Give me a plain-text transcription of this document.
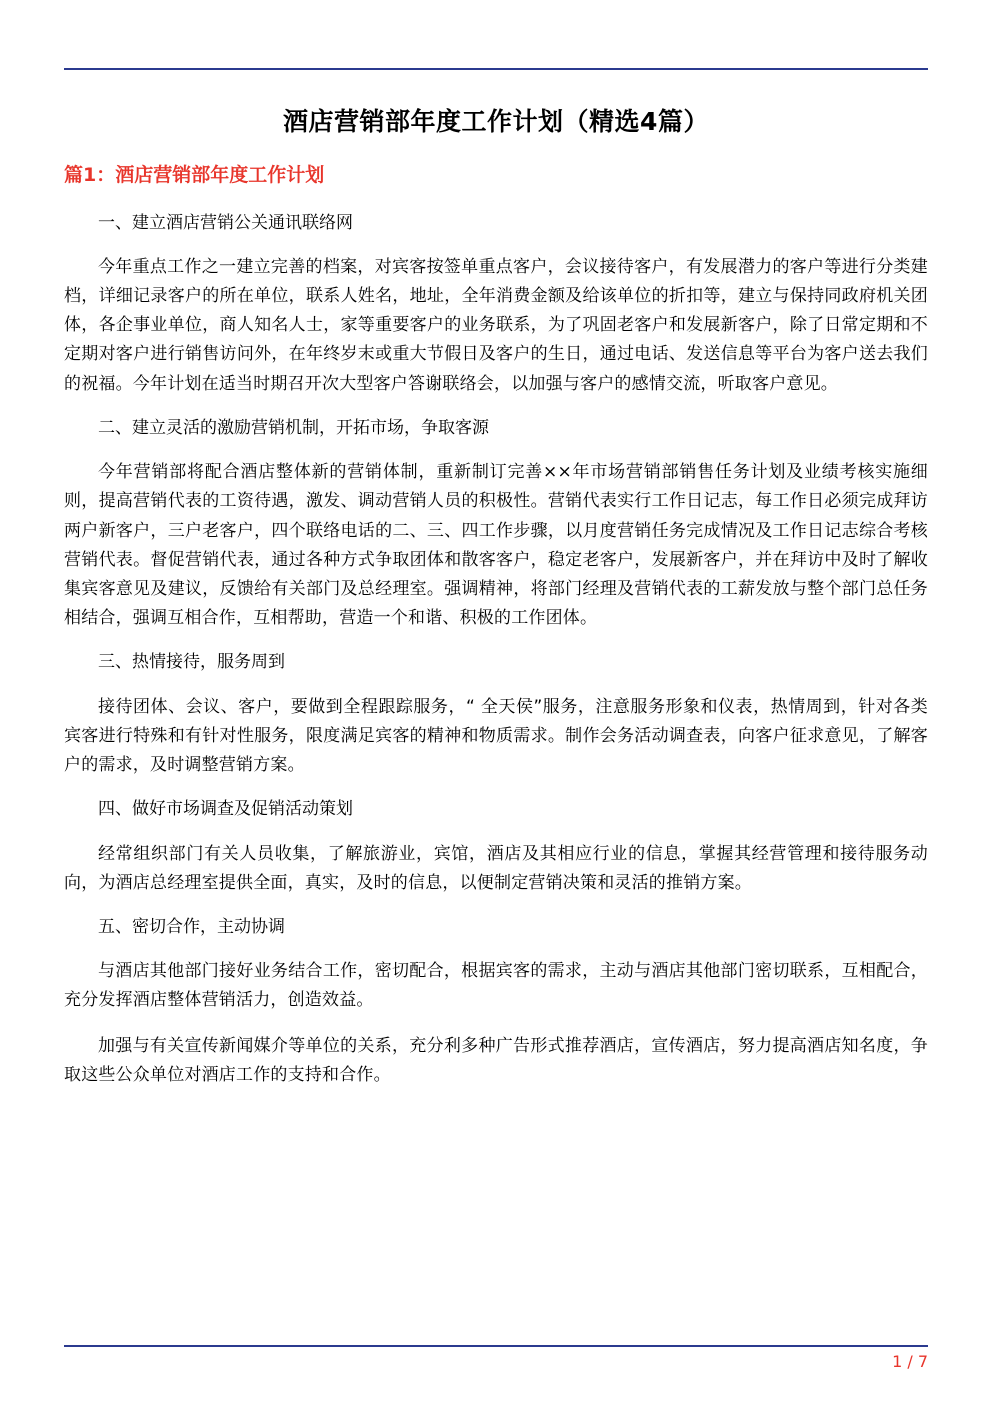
酒店营销部年度工作计划（精选4篇）
篇1：酒店营销部年度工作计划
一、建立酒店营销公关通讯联络网

今年重点工作之一建立完善的档案，对宾客按签单重点客户，会议接待客户，有发展潜力的客户等进行分类建档，详细记录客户的所在单位，联系人姓名，地址，全年消费金额及给该单位的折扣等，建立与保持同政府机关团体，各企事业单位，商人知名人士，家等重要客户的业务联系，为了巩固老客户和发展新客户，除了日常定期和不定期对客户进行销售访问外，在年终岁末或重大节假日及客户的生日，通过电话、发送信息等平台为客户送去我们的祝福。今年计划在适当时期召开次大型客户答谢联络会，以加强与客户的感情交流，听取客户意见。

二、建立灵活的激励营销机制，开拓市场，争取客源

今年营销部将配合酒店整体新的营销体制，重新制订完善××年市场营销部销售任务计划及业绩考核实施细则，提高营销代表的工资待遇，激发、调动营销人员的积极性。营销代表实行工作日记志，每工作日必须完成拜访两户新客户，三户老客户，四个联络电话的二、三、四工作步骤，以月度营销任务完成情况及工作日记志综合考核营销代表。督促营销代表，通过各种方式争取团体和散客客户，稳定老客户，发展新客户，并在拜访中及时了解收集宾客意见及建议，反馈给有关部门及总经理室。强调精神，将部门经理及营销代表的工薪发放与整个部门总任务相结合，强调互相合作，互相帮助，营造一个和谐、积极的工作团体。

三、热情接待，服务周到

接待团体、会议、客户，要做到全程跟踪服务，“ 全天侯”服务，注意服务形象和仪表，热情周到，针对各类宾客进行特殊和有针对性服务，限度满足宾客的精神和物质需求。制作会务活动调查表，向客户征求意见，了解客户的需求，及时调整营销方案。

四、做好市场调查及促销活动策划

经常组织部门有关人员收集，了解旅游业，宾馆，酒店及其相应行业的信息，掌握其经营管理和接待服务动向，为酒店总经理室提供全面，真实，及时的信息，以便制定营销决策和灵活的推销方案。

五、密切合作，主动协调

与酒店其他部门接好业务结合工作，密切配合，根据宾客的需求，主动与酒店其他部门密切联系，互相配合，充分发挥酒店整体营销活力，创造效益。

加强与有关宣传新闻媒介等单位的关系，充分利多种广告形式推荐酒店，宣传酒店，努力提高酒店知名度，争取这些公众单位对酒店工作的支持和合作。

1 / 7
